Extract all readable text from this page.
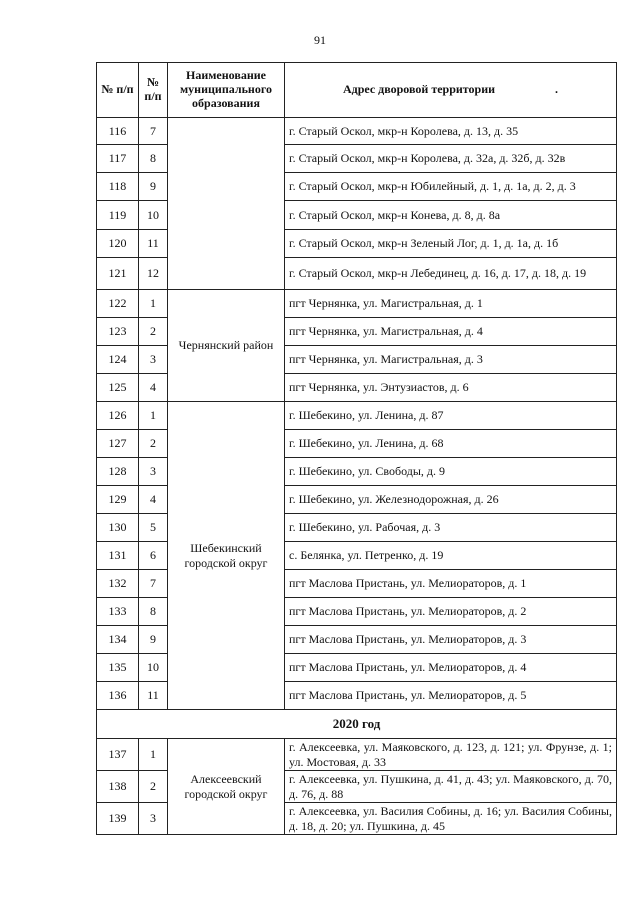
91
№ п/п	№ п/п	Наименование муниципального образования	Адрес дворовой территории .
116	7		г. Старый Оскол, мкр-н Королева, д. 13, д. 35
117	8		г. Старый Оскол, мкр-н Королева, д. 32а, д. 32б, д. 32в
118	9		г. Старый Оскол, мкр-н Юбилейный, д. 1, д. 1а, д. 2, д. 3
119	10		г. Старый Оскол, мкр-н Конева, д. 8, д. 8а
120	11		г. Старый Оскол, мкр-н Зеленый Лог, д. 1, д. 1а, д. 1б
121	12		г. Старый Оскол, мкр-н Лебединец, д. 16, д. 17, д. 18, д. 19
122	1	Чернянский район	пгт Чернянка, ул. Магистральная, д. 1
123	2		пгт Чернянка, ул. Магистральная, д. 4
124	3		пгт Чернянка, ул. Магистральная, д. 3
125	4		пгт Чернянка, ул. Энтузиастов, д. 6
126	1	Шебекинский городской округ	г. Шебекино, ул. Ленина, д. 87
127	2		г. Шебекино, ул. Ленина, д. 68
128	3		г. Шебекино, ул. Свободы, д. 9
129	4		г. Шебекино, ул. Железнодорожная, д. 26
130	5		г. Шебекино, ул. Рабочая, д. 3
131	6		с. Белянка, ул. Петренко, д. 19
132	7		пгт Маслова Пристань, ул. Мелиораторов, д. 1
133	8		пгт Маслова Пристань, ул. Мелиораторов, д. 2
134	9		пгт Маслова Пристань, ул. Мелиораторов, д. 3
135	10		пгт Маслова Пристань, ул. Мелиораторов, д. 4
136	11		пгт Маслова Пристань, ул. Мелиораторов, д. 5
2020 год			
137	1	Алексеевский городской округ	г. Алексеевка, ул. Маяковского, д. 123, д. 121; ул. Фрунзе, д. 1; ул. Мостовая, д. 33
138	2		г. Алексеевка, ул. Пушкина, д. 41, д. 43; ул. Маяковского, д. 70, д. 76, д. 88
139	3		г. Алексеевка, ул. Василия Собины, д. 16; ул. Василия Собины, д. 18, д. 20; ул. Пушкина, д. 45
